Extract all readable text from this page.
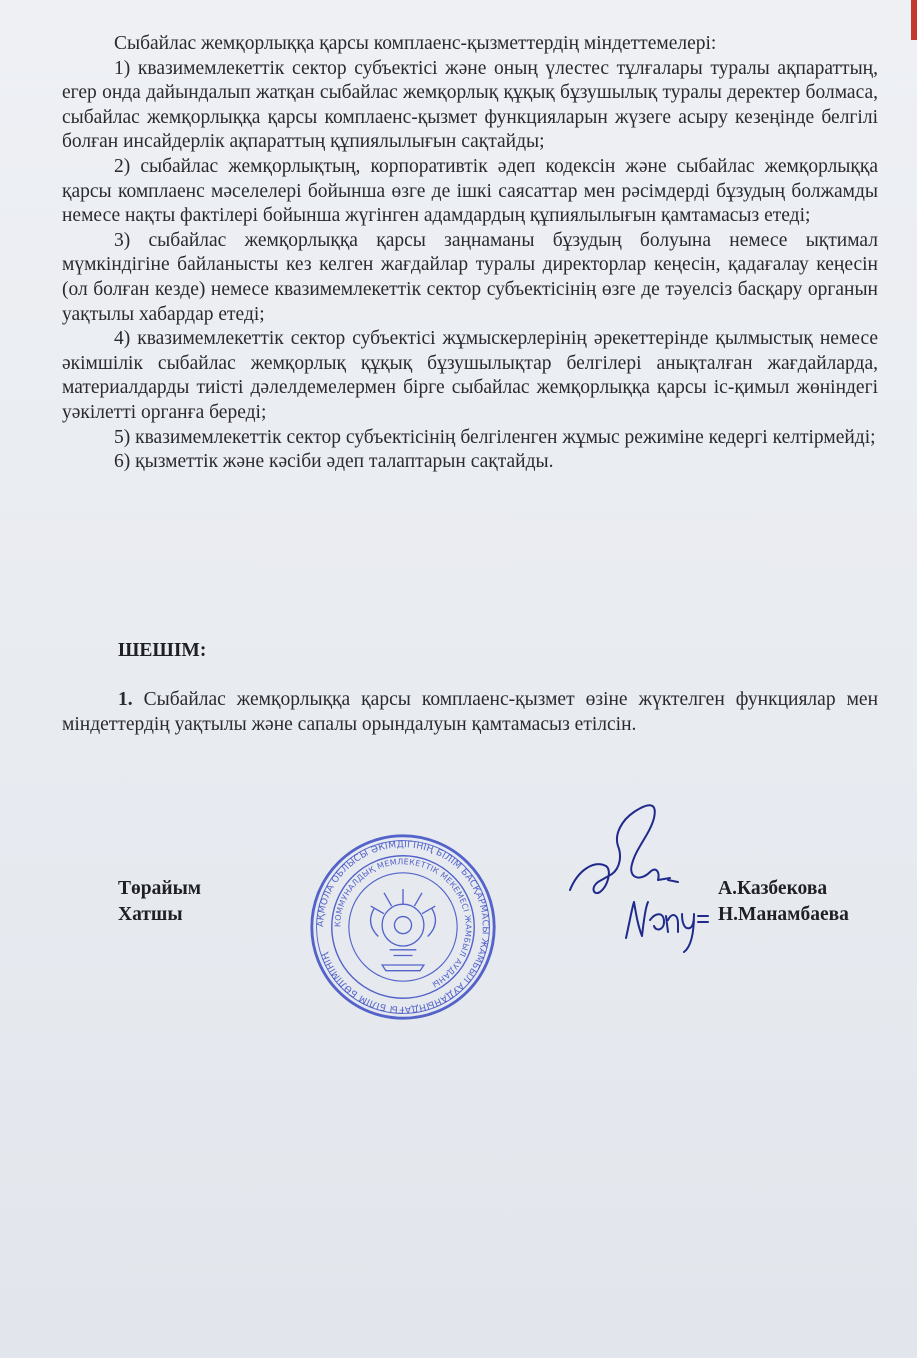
Сыбайлас жемқорлыққа қарсы комплаенс-қызметтердің міндеттемелері:

1) квазимемлекеттік сектор субъектісі және оның үлестес тұлғалары туралы ақпараттың, егер онда дайындалып жатқан сыбайлас жемқорлық құқық бұзушылық туралы деректер болмаса, сыбайлас жемқорлыққа қарсы комплаенс-қызмет функцияларын жүзеге асыру кезеңінде белгілі болған инсайдерлік ақпараттың құпиялылығын сақтайды;

2) сыбайлас жемқорлықтың, корпоративтік әдеп кодексін және сыбайлас жемқорлыққа қарсы комплаенс мәселелері бойынша өзге де ішкі саясаттар мен рәсімдерді бұзудың болжамды немесе нақты фактілері бойынша жүгінген адамдардың құпиялылығын қамтамасыз етеді;

3) сыбайлас жемқорлыққа қарсы заңнаманы бұзудың болуына немесе ықтимал мүмкіндігіне байланысты кез келген жағдайлар туралы директорлар кеңесін, қадағалау кеңесін (ол болған кезде) немесе квазимемлекеттік сектор субъектісінің өзге де тәуелсіз басқару органын уақтылы хабардар етеді;

4) квазимемлекеттік сектор субъектісі жұмыскерлерінің әрекеттерінде қылмыстық немесе әкімшілік сыбайлас жемқорлық құқық бұзушылықтар белгілері анықталған жағдайларда, материалдарды тиісті дәлелдемелермен бірге сыбайлас жемқорлыққа қарсы іс-қимыл жөніндегі уәкілетті органға береді;

5) квазимемлекеттік сектор субъектісінің белгіленген жұмыс режиміне кедергі келтірмейді;

6) қызметтік және кәсіби әдеп талаптарын сақтайды.

ШЕШІМ:

1. Сыбайлас жемқорлыққа қарсы комплаенс-қызмет өзіне жүктелген функциялар мен міндеттердің уақтылы және сапалы орындалуын қамтамасыз етілсін.

Төрайым
Хатшы	АҚМОЛА ОБЛЫСЫ ӘКІМДІГІНІҢ БІЛІМ БАСҚАРМАСЫ ЖАМБЫЛ АУДАНЫНДАҒЫ БІЛІМ БӨЛІМІНІҢ
КОММУНАЛДЫҚ МЕМЛЕКЕТТІК МЕКЕМЕСІ ЖАМБЫЛ АУДАНЫ
А.Казбекова
Н.Манамбаева
